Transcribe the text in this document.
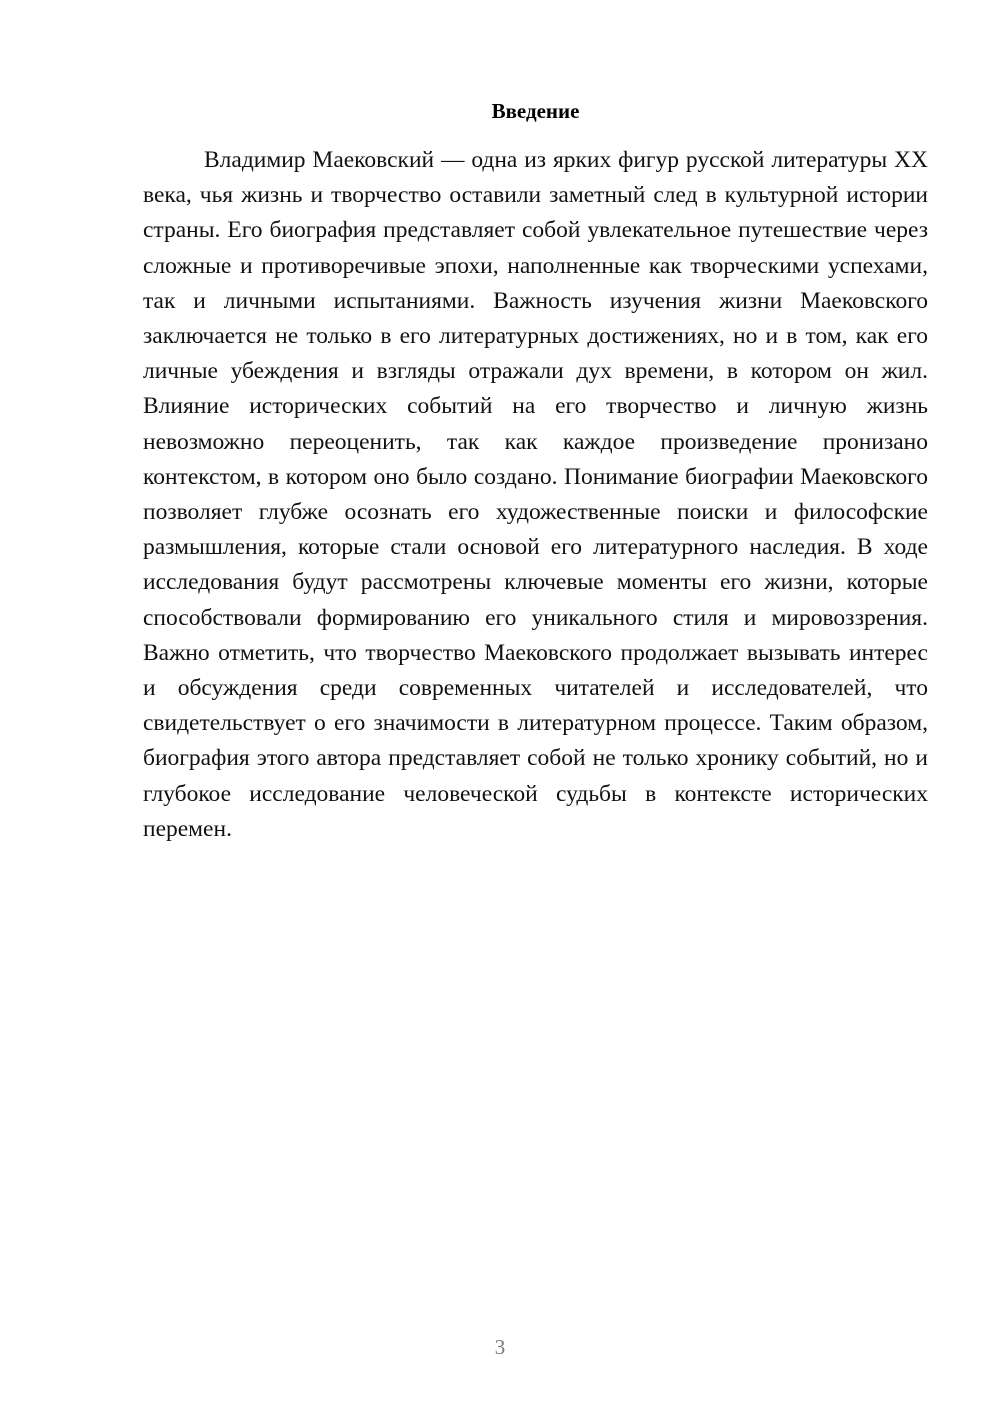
Введение

Владимир Маековский — одна из ярких фигур русской литературы XX века, чья жизнь и творчество оставили заметный след в культурной истории страны. Его биография представляет собой увлекательное путешествие через сложные и противоречивые эпохи, наполненные как творческими успехами, так и личными испытаниями. Важность изучения жизни Маековского заключается не только в его литературных достижениях, но и в том, как его личные убеждения и взгляды отражали дух времени, в котором он жил. Влияние исторических событий на его творчество и личную жизнь невозможно переоценить, так как каждое произведение пронизано контекстом, в котором оно было создано. Понимание биографии Маековского позволяет глубже осознать его художественные поиски и философские размышления, которые стали основой его литературного наследия. В ходе исследования будут рассмотрены ключевые моменты его жизни, которые способствовали формированию его уникального стиля и мировоззрения. Важно отметить, что творчество Маековского продолжает вызывать интерес и обсуждения среди современных читателей и исследователей, что свидетельствует о его значимости в литературном процессе. Таким образом, биография этого автора представляет собой не только хронику событий, но и глубокое исследование человеческой судьбы в контексте исторических перемен.

3
